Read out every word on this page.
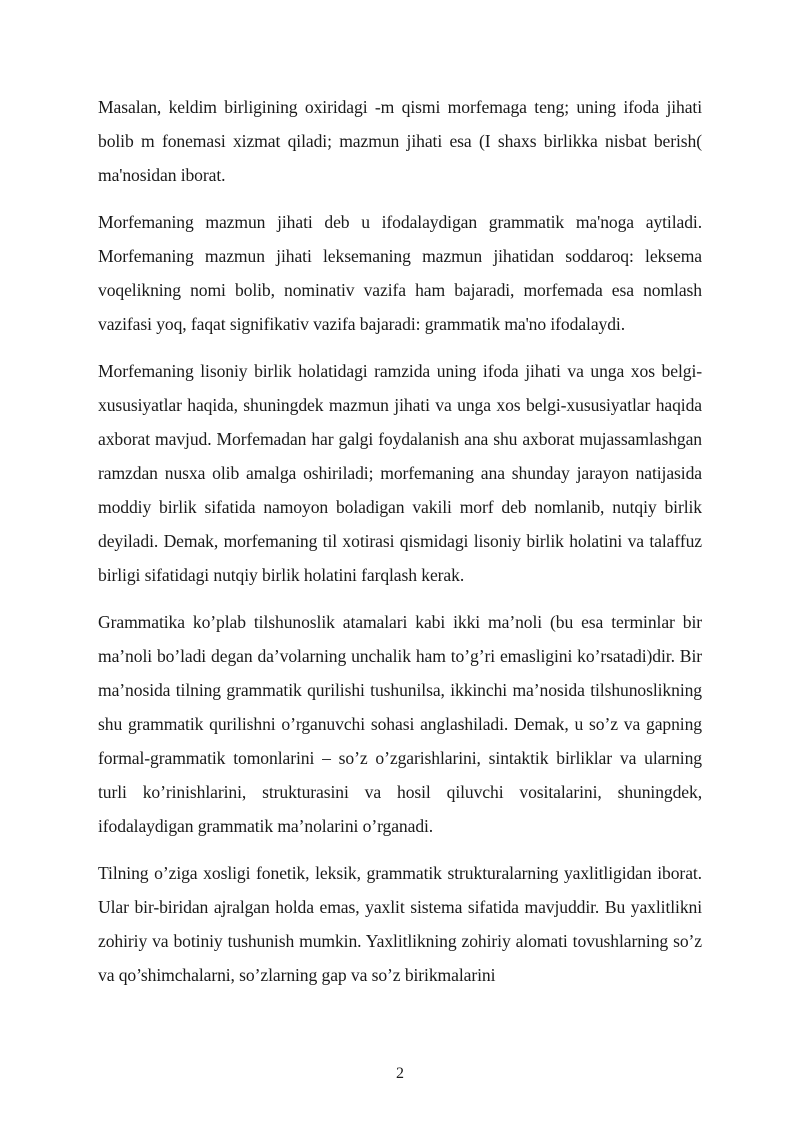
Masalan, keldim birligining oxiridagi -m qismi morfemaga teng; uning ifoda jihati bolib m fonemasi xizmat qiladi; mazmun jihati esa (I shaxs birlikka nisbat berish( ma'nosidan iborat.

Morfemaning mazmun jihati deb u ifodalaydigan grammatik ma'noga aytiladi. Morfemaning mazmun jihati leksemaning mazmun jihatidan soddaroq: leksema voqelikning nomi bolib, nominativ vazifa ham bajaradi, morfemada esa nomlash vazifasi yoq, faqat signifikativ vazifa bajaradi: grammatik ma'no ifodalaydi.

Morfemaning lisoniy birlik holatidagi ramzida uning ifoda jihati va unga xos belgi-xususiyatlar haqida, shuningdek mazmun jihati va unga xos belgi-xususiyatlar haqida axborat mavjud. Morfemadan har galgi foydalanish ana shu axborat mujassamlashgan ramzdan nusxa olib amalga oshiriladi; morfemaning ana shunday jarayon natijasida moddiy birlik sifatida namoyon boladigan vakili morf deb nomlanib, nutqiy birlik deyiladi. Demak, morfemaning til xotirasi qismidagi lisoniy birlik holatini va talaffuz birligi sifatidagi nutqiy birlik holatini farqlash kerak.

Grammatika ko’plab tilshunoslik atamalari kabi ikki ma’noli (bu esa terminlar bir ma’noli bo’ladi degan da’volarning unchalik ham to’g’ri emasligini ko’rsatadi)dir. Bir ma’nosida tilning grammatik qurilishi tushunilsa, ikkinchi ma’nosida tilshunoslikning shu grammatik qurilishni o’rganuvchi sohasi anglashiladi. Demak, u so’z va gapning formal-grammatik tomonlarini – so’z o’zgarishlarini, sintaktik birliklar va ularning turli ko’rinishlarini, strukturasini va hosil qiluvchi vositalarini, shuningdek, ifodalaydigan grammatik ma’nolarini o’rganadi.

Tilning o’ziga xosligi fonetik, leksik, grammatik strukturalarning yaxlitligidan iborat. Ular bir-biridan ajralgan holda emas, yaxlit sistema sifatida mavjuddir. Bu yaxlitlikni zohiriy va botiniy tushunish mumkin. Yaxlitlikning zohiriy alomati tovushlarning so’z va qo’shimchalarni, so’zlarning gap va so’z birikmalarini

2
